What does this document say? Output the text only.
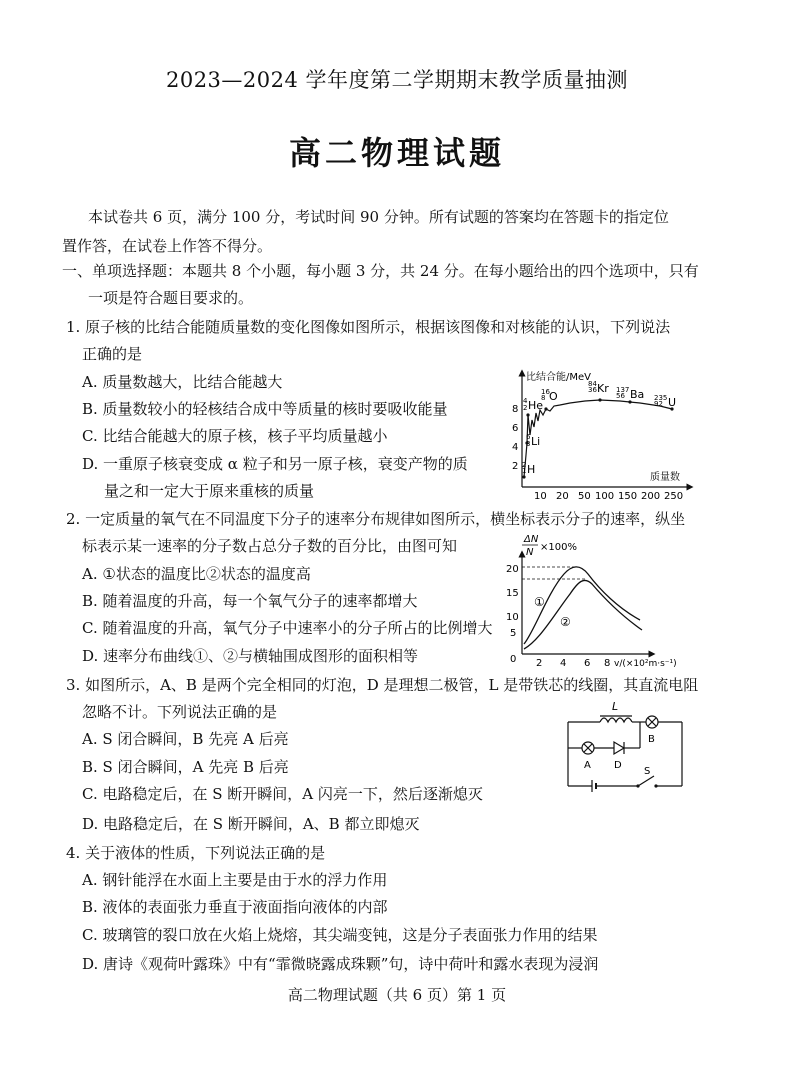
2023—2024 学年度第二学期期末教学质量抽测
高二物理试题
本试卷共 6 页，满分 100 分，考试时间 90 分钟。所有试题的答案均在答题卡的指定位
置作答，在试卷上作答不得分。
一、单项选择题：本题共 8 个小题，每小题 3 分，共 24 分。在每小题给出的四个选项中，只有
一项是符合题目要求的。
1. 原子核的比结合能随质量数的变化图像如图所示，根据该图像和对核能的认识，下列说法
正确的是
A. 质量数越大，比结合能越大
B. 质量数较小的轻核结合成中等质量的核时要吸收能量
C. 比结合能越大的原子核，核子平均质量越小
D. 一重原子核衰变成 α 粒子和另一原子核，衰变产物的质
量之和一定大于原来重核的质量
比结合能/MeV
质量数
8
6
4
2
10 20 50 100 150 200 250
1
2 H
3
6 Li
2
4 He
8
16 O	36
84 Kr
56
137 Ba
92
235 U
2. 一定质量的氧气在不同温度下分子的速率分布规律如图所示，横坐标表示分子的速率，纵坐
标表示某一速率的分子数占总分子数的百分比，由图可知
A. ①状态的温度比②状态的温度高
B. 随着温度的升高，每一个氧气分子的速率都增大
C. 随着温度的升高，氧气分子中速率小的分子所占的比例增大
D. 速率分布曲线①、②与横轴围成图形的面积相等
ΔN
N ×100%
0
20
15
10
5
2 4 6 8 v/(×10²m·s⁻¹)
①
②
3. 如图所示，A、B 是两个完全相同的灯泡，D 是理想二极管，L 是带铁芯的线圈，其直流电阻
忽略不计。下列说法正确的是
A. S 闭合瞬间，B 先亮 A 后亮
B. S 闭合瞬间，A 先亮 B 后亮
C. 电路稳定后，在 S 断开瞬间，A 闪亮一下，然后逐渐熄灭
D. 电路稳定后，在 S 断开瞬间，A、B 都立即熄灭
L
B
A D
S
4. 关于液体的性质，下列说法正确的是
A. 钢针能浮在水面上主要是由于水的浮力作用
B. 液体的表面张力垂直于液面指向液体的内部
C. 玻璃管的裂口放在火焰上烧熔，其尖端变钝，这是分子表面张力作用的结果
D. 唐诗《观荷叶露珠》中有“霏微晓露成珠颗”句，诗中荷叶和露水表现为浸润
高二物理试题（共 6 页）第 1 页
